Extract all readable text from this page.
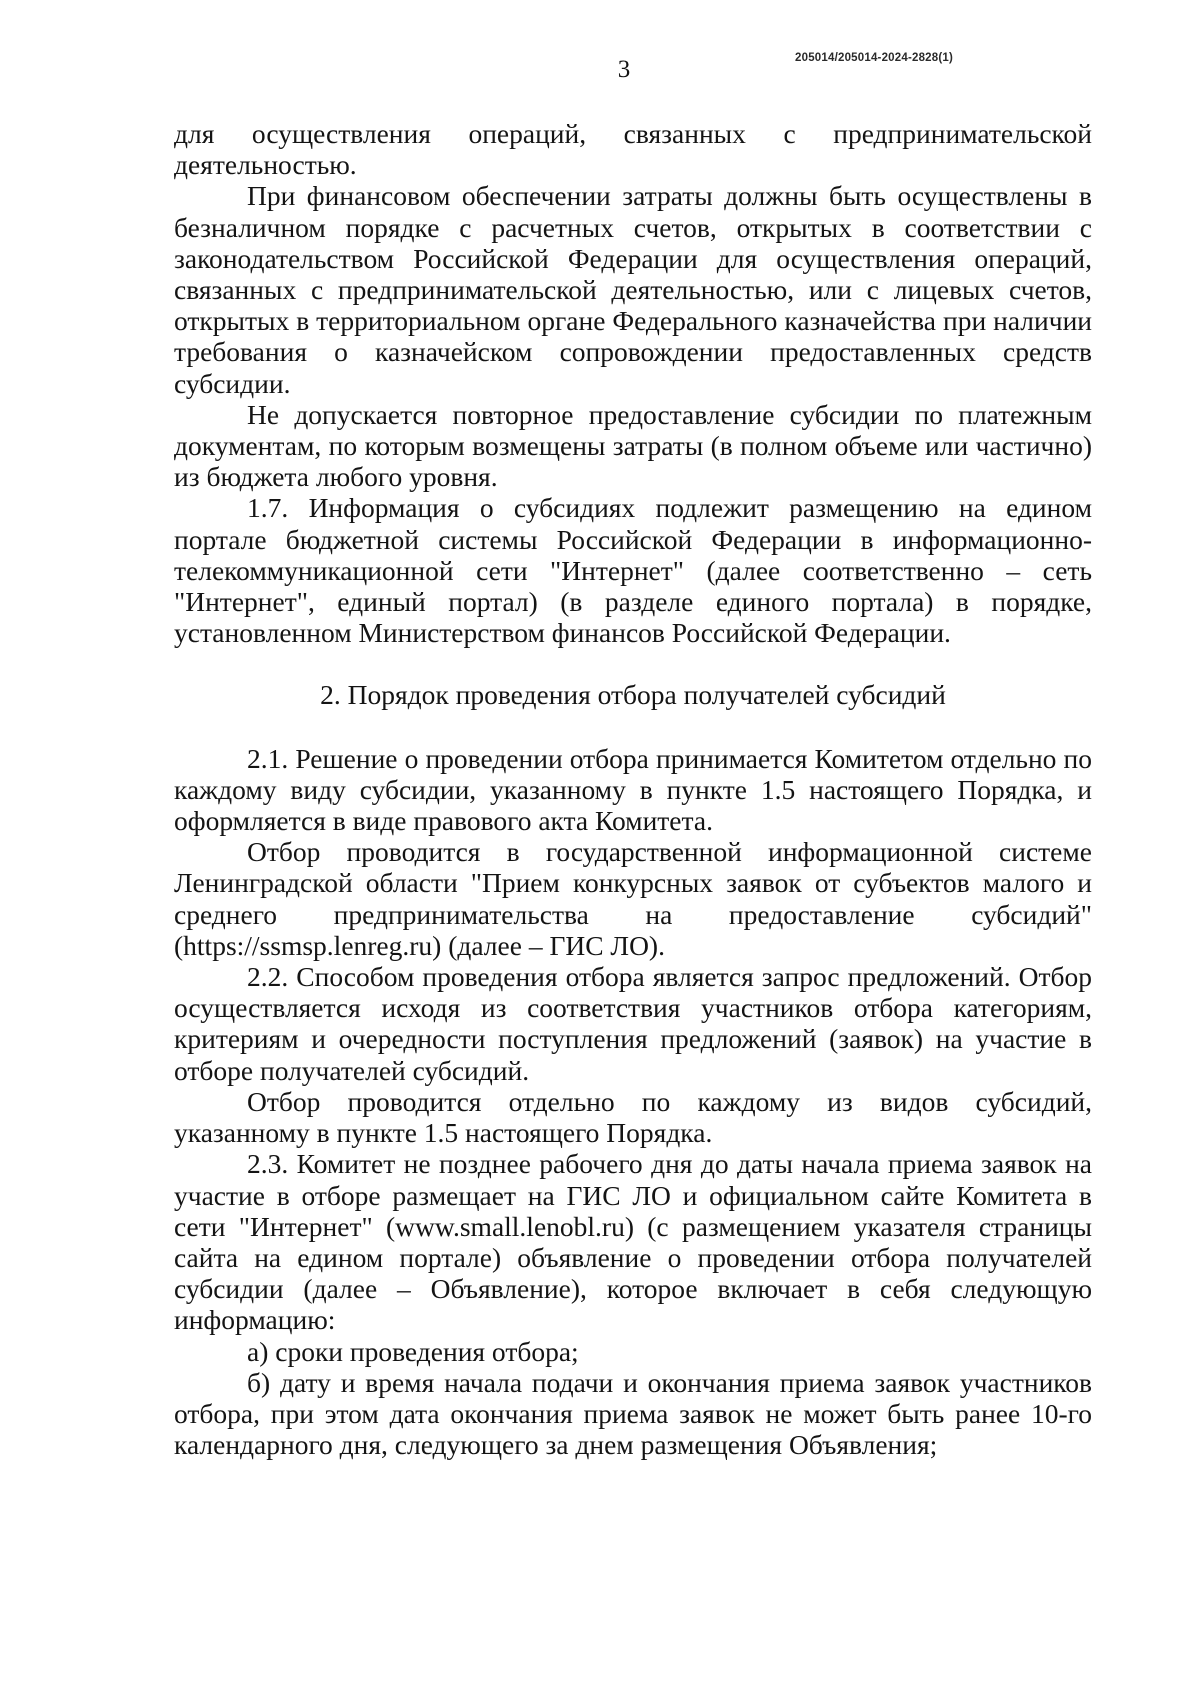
205014/205014-2024-2828(1)
3

для осуществления операций, связанных с предпринимательской деятельностью.

При финансовом обеспечении затраты должны быть осуществлены в безналичном порядке с расчетных счетов, открытых в соответствии с законодательством Российской Федерации для осуществления операций, связанных с предпринимательской деятельностью, или с лицевых счетов, открытых в территориальном органе Федерального казначейства при наличии требования о казначейском сопровождении предоставленных средств субсидии.

Не допускается повторное предоставление субсидии по платежным документам, по которым возмещены затраты (в полном объеме или частично) из бюджета любого уровня.

1.7. Информация о субсидиях подлежит размещению на едином портале бюджетной системы Российской Федерации в информационно-телекоммуникационной сети "Интернет" (далее соответственно – сеть "Интернет", единый портал) (в разделе единого портала) в порядке, установленном Министерством финансов Российской Федерации.

2. Порядок проведения отбора получателей субсидий

2.1. Решение о проведении отбора принимается Комитетом отдельно по каждому виду субсидии, указанному в пункте 1.5 настоящего Порядка, и оформляется в виде правового акта Комитета.

Отбор проводится в государственной информационной системе Ленинградской области "Прием конкурсных заявок от субъектов малого и среднего предпринимательства на предоставление субсидий" (https://ssmsp.lenreg.ru) (далее – ГИС ЛО).

2.2. Способом проведения отбора является запрос предложений. Отбор осуществляется исходя из соответствия участников отбора категориям, критериям и очередности поступления предложений (заявок) на участие в отборе получателей субсидий.

Отбор проводится отдельно по каждому из видов субсидий, указанному в пункте 1.5 настоящего Порядка.

2.3. Комитет не позднее рабочего дня до даты начала приема заявок на участие в отборе размещает на ГИС ЛО и официальном сайте Комитета в сети "Интернет" (www.small.lenobl.ru) (с размещением указателя страницы сайта на едином портале) объявление о проведении отбора получателей субсидии (далее – Объявление), которое включает в себя следующую информацию:

а) сроки проведения отбора;

б) дату и время начала подачи и окончания приема заявок участников отбора, при этом дата окончания приема заявок не может быть ранее 10-го календарного дня, следующего за днем размещения Объявления;
